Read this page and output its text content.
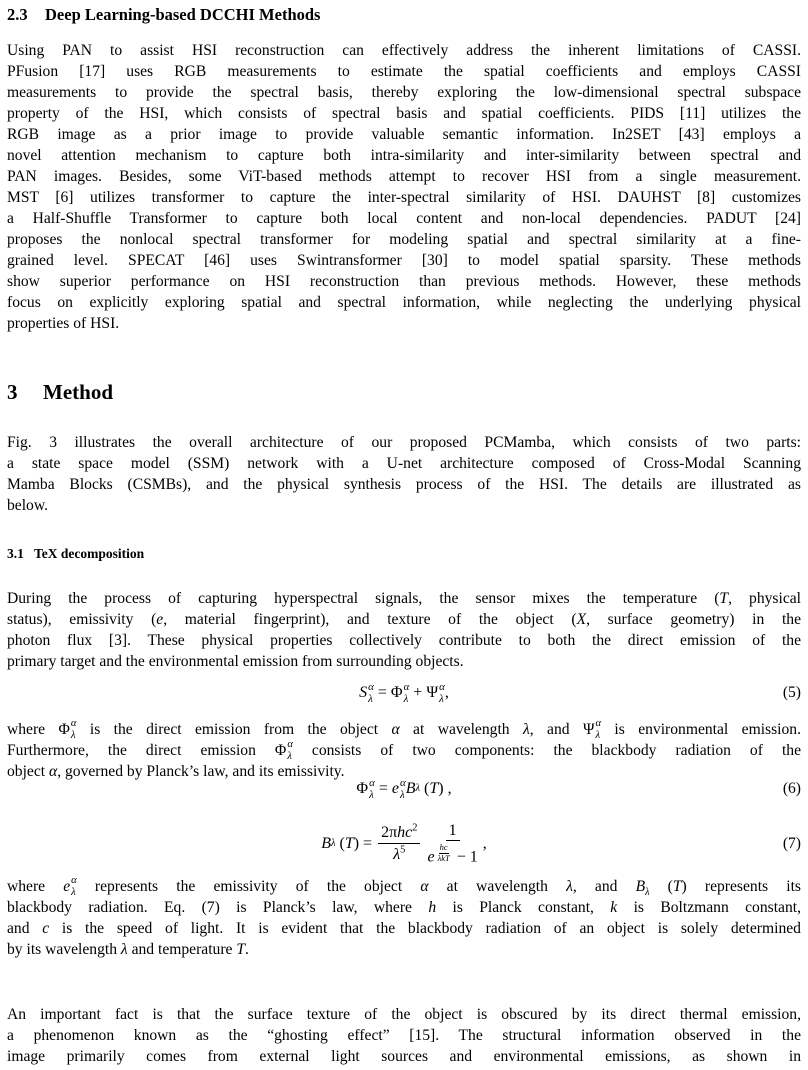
2.3 Deep Learning-based DCCHI Methods
Using PAN to assist HSI reconstruction can effectively address the inherent limitations of CASSI.
PFusion [17] uses RGB measurements to estimate the spatial coefficients and employs CASSI
measurements to provide the spectral basis, thereby exploring the low-dimensional spectral subspace
property of the HSI, which consists of spectral basis and spatial coefficients. PIDS [11] utilizes the
RGB image as a prior image to provide valuable semantic information. In2SET [43] employs a
novel attention mechanism to capture both intra-similarity and inter-similarity between spectral and
PAN images. Besides, some ViT-based methods attempt to recover HSI from a single measurement.
MST [6] utilizes transformer to capture the inter-spectral similarity of HSI. DAUHST [8] customizes
a Half-Shuffle Transformer to capture both local content and non-local dependencies. PADUT [24]
proposes the nonlocal spectral transformer for modeling spatial and spectral similarity at a fine-
grained level. SPECAT [46] uses Swintransformer [30] to model spatial sparsity. These methods
show superior performance on HSI reconstruction than previous methods. However, these methods
focus on explicitly exploring spatial and spectral information, while neglecting the underlying physical
properties of HSI.
3 Method
Fig. 3 illustrates the overall architecture of our proposed PCMamba, which consists of two parts:
a state space model (SSM) network with a U-net architecture composed of Cross-Modal Scanning
Mamba Blocks (CSMBs), and the physical synthesis process of the HSI. The details are illustrated as
below.
3.1 TeX decomposition
During the process of capturing hyperspectral signals, the sensor mixes the temperature (T, physical
status), emissivity (e, material fingerprint), and texture of the object (X, surface geometry) in the
photon flux [3]. These physical properties collectively contribute to both the direct emission of the
primary target and the environmental emission from surrounding objects.
S α
λ = Φ α
λ + Ψ α
λ ,	(5)
where Φ α
λ is the direct emission from the object α at wavelength λ, and Ψ α
λ is environmental emission.
Furthermore, the direct emission Φ α
λ consists of two components: the blackbody radiation of the
object α, governed by Planck’s law, and its emissivity.
Φ α
λ = e α
λ B λ ( T ) ,	(6)
B λ ( T ) = $\frac{2\pi hc^2}{\lambda^5} 1$
e $^{\frac{hc}{\text{λkT}}}$ − 1 ,	(7)
where e α
λ represents the emissivity of the object α at wavelength λ, and $B_\lambda$ (T) represents its
blackbody radiation. Eq. (7) is Planck’s law, where h is Planck constant, k is Boltzmann constant,
and c is the speed of light. It is evident that the blackbody radiation of an object is solely determined
by its wavelength λ and temperature T.
An important fact is that the surface texture of the object is obscured by its direct thermal emission,
a phenomenon known as the “ghosting effect” [15]. The structural information observed in the
image primarily comes from external light sources and environmental emissions, as shown in
